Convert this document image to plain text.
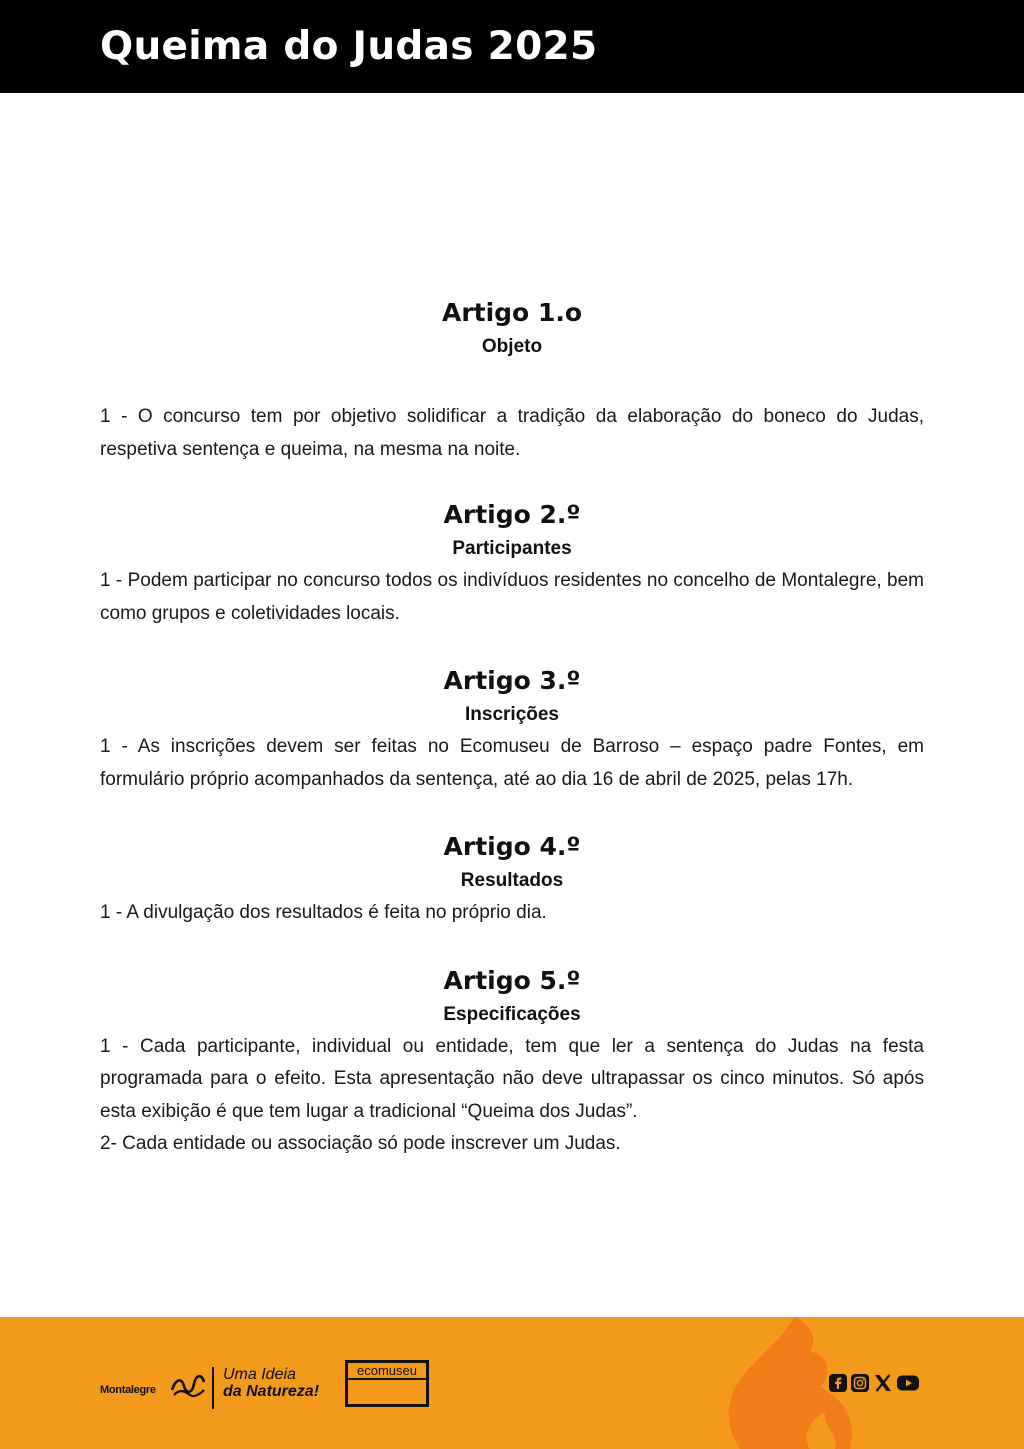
Queima do Judas 2025
Artigo 1.o
Objeto

1 - O concurso tem por objetivo solidificar a tradição da elaboração do boneco do Judas, respetiva sentença e queima, na mesma na noite.

Artigo 2.º
Participantes

1 - Podem participar no concurso todos os indivíduos residentes no concelho de Montalegre, bem como grupos e coletividades locais.

Artigo 3.º
Inscrições

1 - As inscrições devem ser feitas no Ecomuseu de Barroso – espaço padre Fontes, em formulário próprio acompanhados da sentença, até ao dia 16 de abril de 2025, pelas 17h.

Artigo 4.º
Resultados

1 - A divulgação dos resultados é feita no próprio dia.

Artigo 5.º
Especificações

1 - Cada participante, individual ou entidade, tem que ler a sentença do Judas na festa programada para o efeito. Esta apresentação não deve ultrapassar os cinco minutos. Só após esta exibição é que tem lugar a tradicional “Queima dos Judas”.

2- Cada entidade ou associação só pode inscrever um Judas.

Montalegre
Uma Ideia
da Natureza!
ecomuseu
